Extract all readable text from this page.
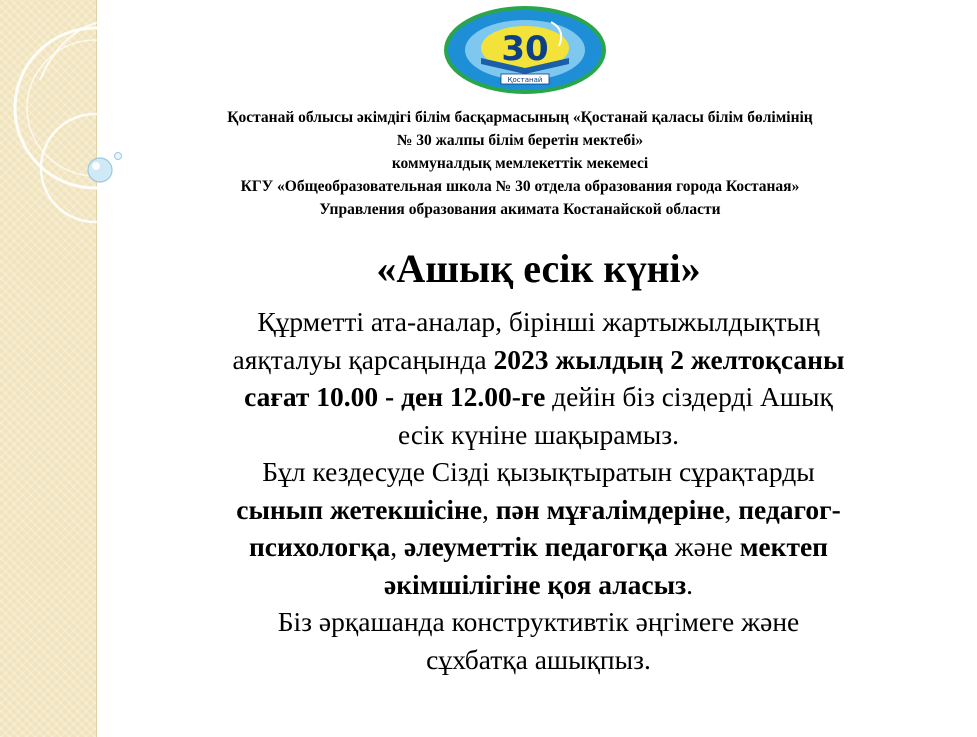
30
Қостанай
Қостанай облысы әкімдігі білім басқармасының «Қостанай қаласы білім бөлімінің
№ 30 жалпы білім беретін мектебі»
коммуналдық мемлекеттік мекемесі
КГУ «Общеобразовательная школа № 30 отдела образования города Костаная»
Управления образования акимата Костанайской области
«Ашық есік күні»
Құрметті ата-аналар, бірінші жартыжылдықтың
аяқталуы қарсаңында 2023 жылдың 2 желтоқсаны
сағат 10.00 - ден 12.00-ге дейін біз сіздерді Ашық
есік күніне шақырамыз.
Бұл кездесуде Сізді қызықтыратын сұрақтарды
сынып жетекшісіне, пән мұғалімдеріне, педагог-
психологқа, әлеуметтік педагогқа және мектеп
әкімшілігіне қоя аласыз.
Біз әрқашанда конструктивтік әңгімеге және
сұхбатқа ашықпыз.
